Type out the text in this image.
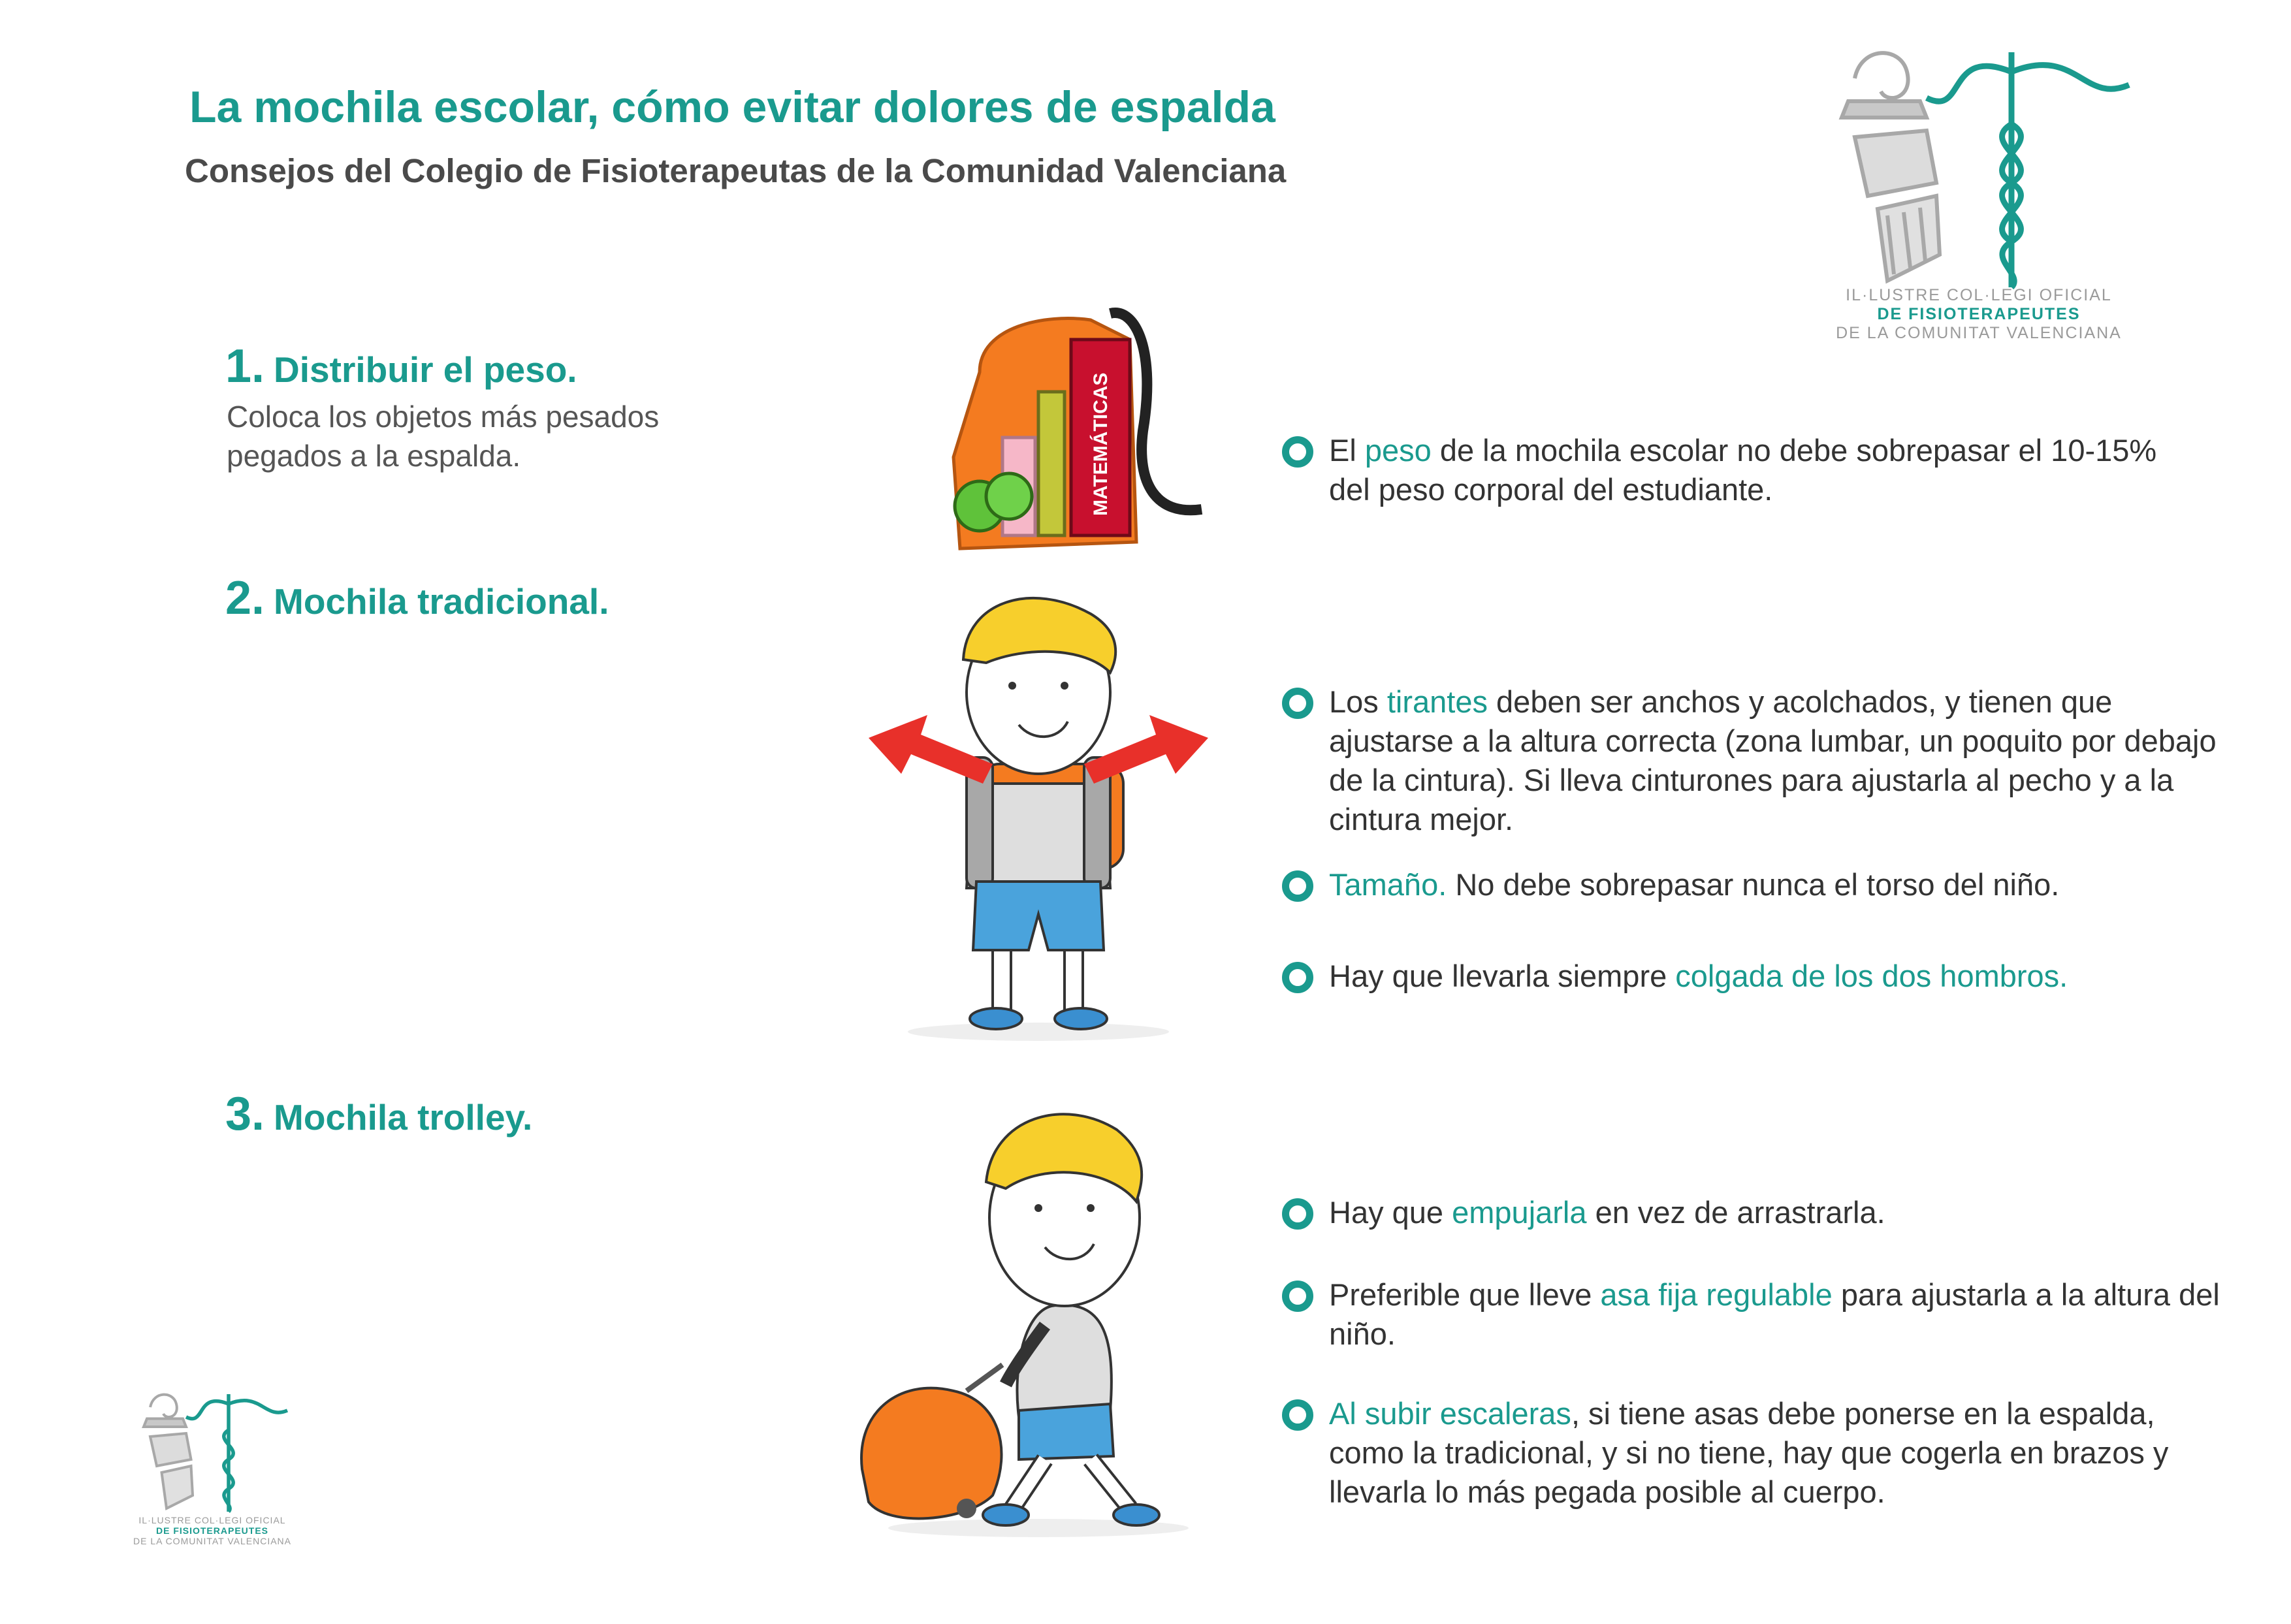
La mochila escolar, cómo evitar dolores de espalda
Consejos del Colegio de Fisioterapeutas de la Comunidad Valenciana
IL·LUSTRE COL·LEGI OFICIAL
DE FISIOTERAPEUTES
DE LA COMUNITAT VALENCIANA
IL·LUSTRE COL·LEGI OFICIAL
DE FISIOTERAPEUTES
DE LA COMUNITAT VALENCIANA
1. Distribuir el peso.
Coloca los objetos más pesados pegados a la espalda.	MATEMÁTICAS	El peso de la mochila escolar no debe sobrepasar el 10-15% del peso corporal del estudiante.
2. Mochila tradicional.
Los tirantes deben ser anchos y acolchados, y tienen que ajustarse a la altura correcta (zona lumbar, un poquito por debajo de la cintura). Si lleva cinturones para ajustarla al pecho y a la cintura mejor.
Tamaño. No debe sobrepasar nunca el torso del niño.
Hay que llevarla siempre colgada de los dos hombros.
3. Mochila trolley.
Hay que empujarla en vez de arrastrarla.
Preferible que lleve asa fija regulable para ajustarla a la altura del niño.
Al subir escaleras, si tiene asas debe ponerse en la espalda, como la tradicional, y si no tiene, hay que cogerla en brazos y llevarla lo más pegada posible al cuerpo.
